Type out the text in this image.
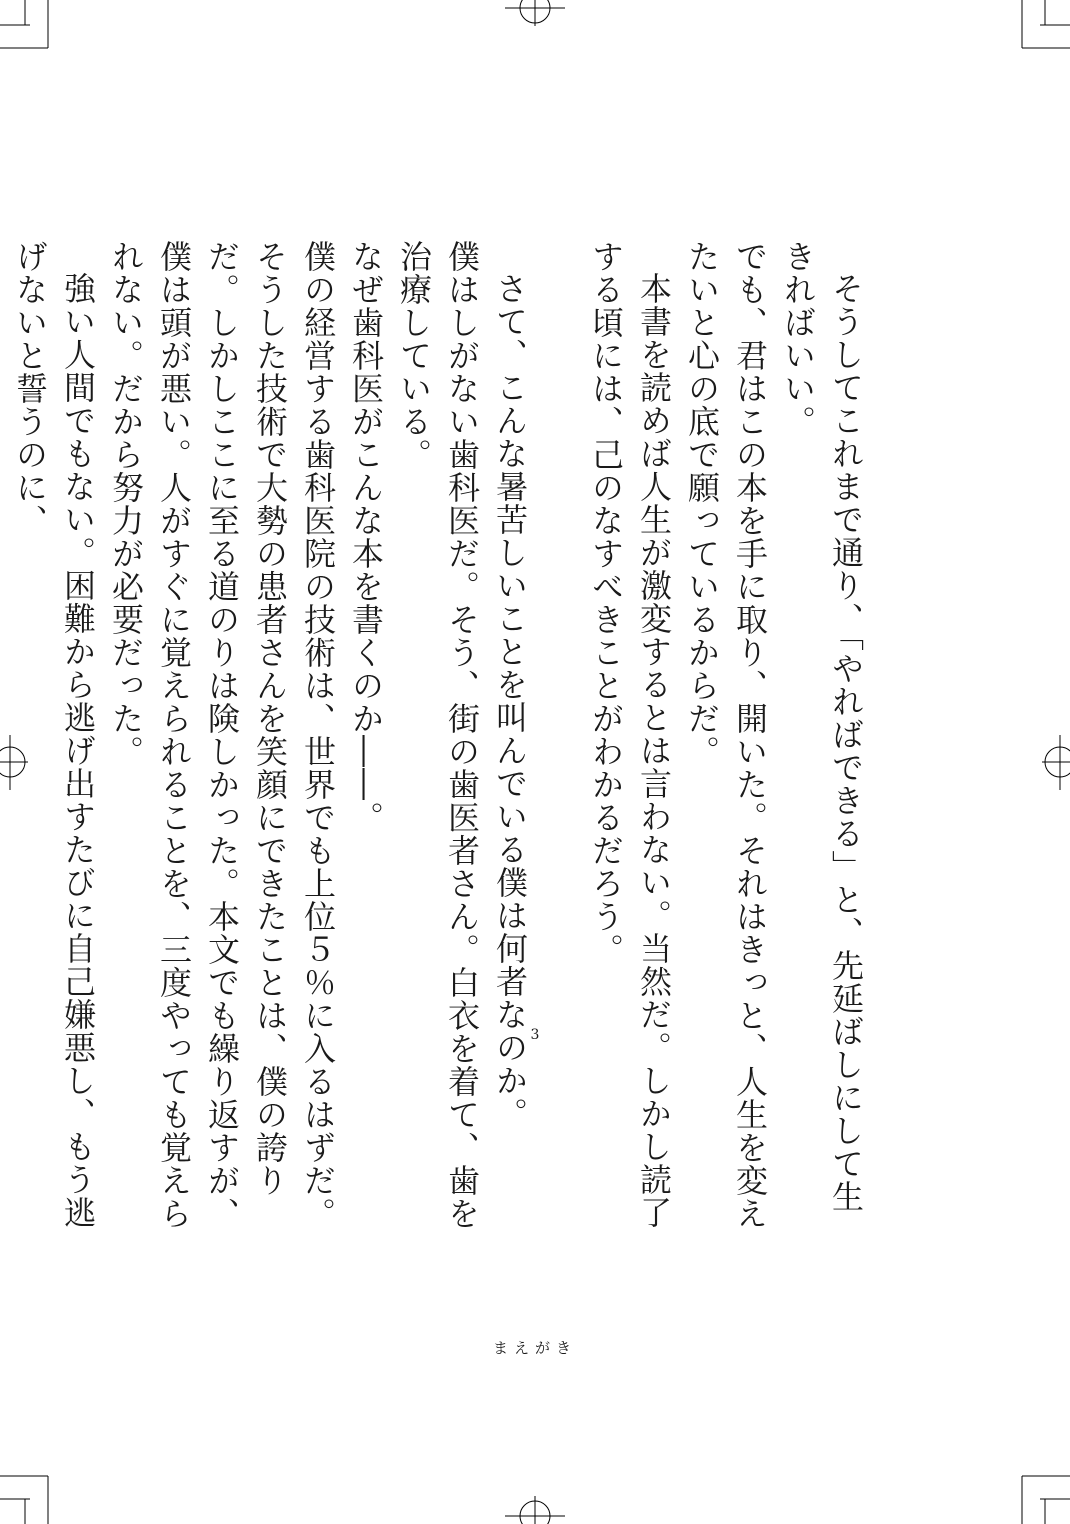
そうしてこれまで通り、「やればできる」と、先延ばしにして生きればいい。

でも、君はこの本を手に取り、開いた。それはきっと、人生を変えたいと心の底で願っているからだ。

本書を読めば人生が激変するとは言わない。当然だ。しかし読了する頃には、己のなすべきことがわかるだろう。

さて、こんな暑苦しいことを叫んでいる僕は何者なのか。

僕はしがない歯科医だ。そう、街の歯医者さん。白衣を着て、歯を治療している。

なぜ歯科医がこんな本を書くのか――。

僕の経営する歯科医院の技術は、世界でも上位５％に入るはずだ。

そうした技術で大勢の患者さんを笑顔にできたことは、僕の誇りだ。しかしここに至る道のりは険しかった。本文でも繰り返すが、僕は頭が悪い。人がすぐに覚えられることを、三度やっても覚えられない。だから努力が必要だった。

強い人間でもない。困難から逃げ出すたびに自己嫌悪し、もう逃げないと誓うのに、

まえがき
3
